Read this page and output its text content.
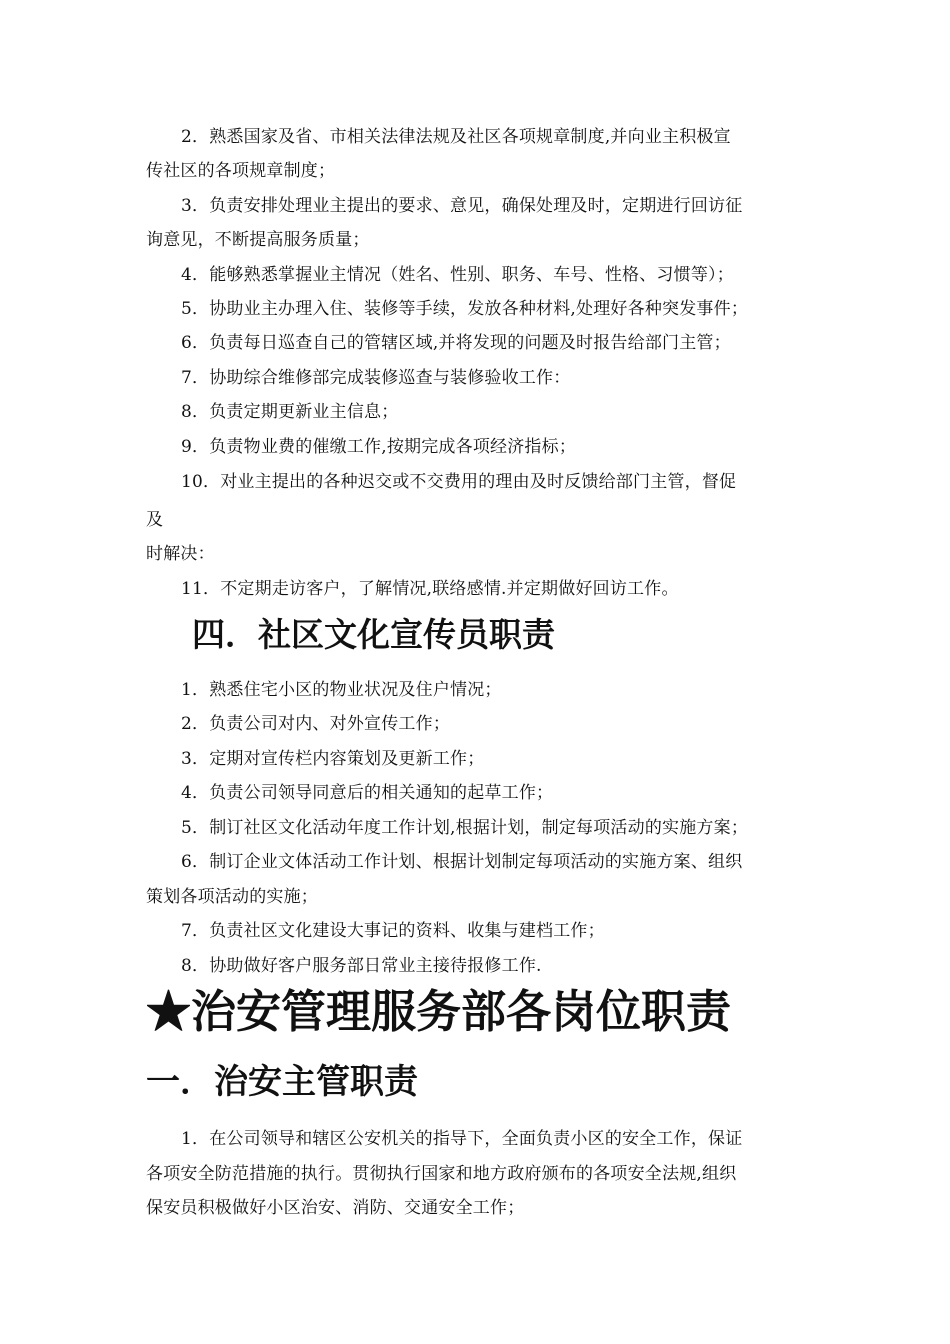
2．熟悉国家及省、市相关法律法规及社区各项规章制度,并向业主积极宣
传社区的各项规章制度；
3．负责安排处理业主提出的要求、意见，确保处理及时，定期进行回访征
询意见，不断提高服务质量；
4．能够熟悉掌握业主情况（姓名、性别、职务、车号、性格、习惯等）；
5．协助业主办理入住、装修等手续，发放各种材料,处理好各种突发事件；
6．负责每日巡查自己的管辖区域,并将发现的问题及时报告给部门主管；
7．协助综合维修部完成装修巡查与装修验收工作：
8．负责定期更新业主信息；
9．负责物业费的催缴工作,按期完成各项经济指标；
10．对业主提出的各种迟交或不交费用的理由及时反馈给部门主管，督促
及
时解决：
11．不定期走访客户，了解情况,联络感情.并定期做好回访工作。
四．社区文化宣传员职责
1．熟悉住宅小区的物业状况及住户情况；
2．负责公司对内、对外宣传工作；
3．定期对宣传栏内容策划及更新工作；
4．负责公司领导同意后的相关通知的起草工作；
5．制订社区文化活动年度工作计划,根据计划，制定每项活动的实施方案；
6．制订企业文体活动工作计划、根据计划制定每项活动的实施方案、组织
策划各项活动的实施；
7．负责社区文化建设大事记的资料、收集与建档工作；
8．协助做好客户服务部日常业主接待报修工作.
★治安管理服务部各岗位职责
一．治安主管职责
1．在公司领导和辖区公安机关的指导下，全面负责小区的安全工作，保证
各项安全防范措施的执行。贯彻执行国家和地方政府颁布的各项安全法规,组织
保安员积极做好小区治安、消防、交通安全工作；
